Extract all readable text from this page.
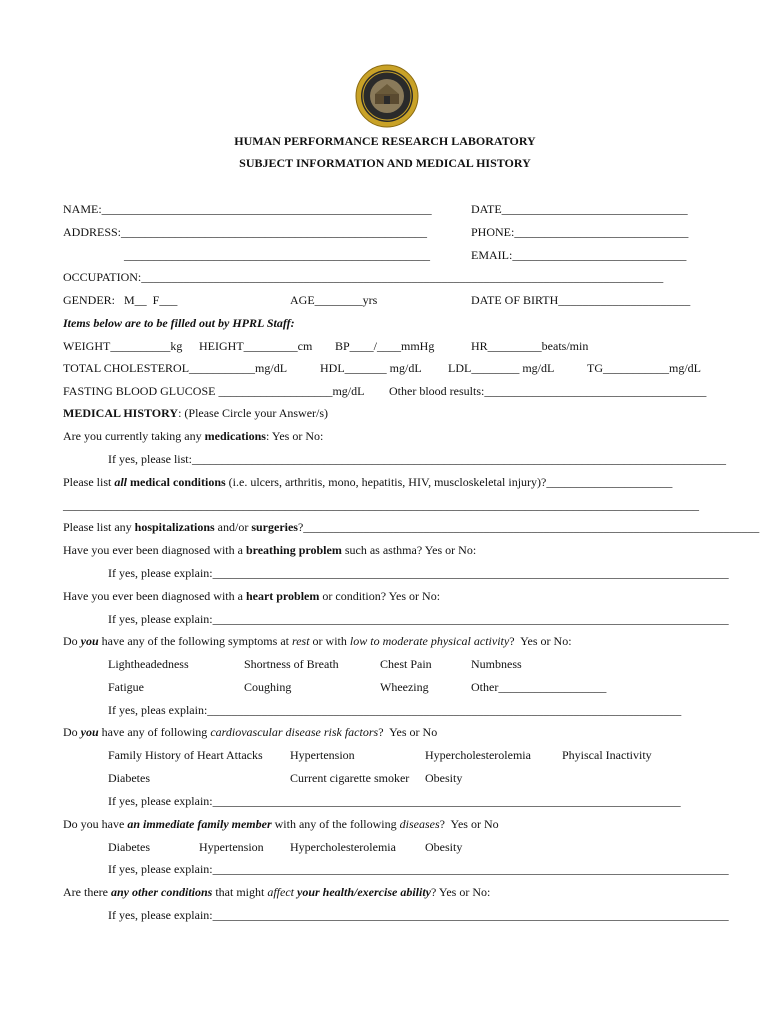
HUMAN PERFORMANCE RESEARCH LABORATORY
SUBJECT INFORMATION AND MEDICAL HISTORY
NAME:_______________________________________________________	DATE_______________________________
ADDRESS:___________________________________________________	PHONE:_____________________________
___________________________________________________	EMAIL:_____________________________
OCCUPATION:_______________________________________________________________________________________
GENDER:   M__  F___	AGE________yrs	DATE OF BIRTH______________________
Items below are to be filled out by HPRL Staff:
WEIGHT__________kg HEIGHT_________cm BP____/____mmHg	HR_________beats/min
TOTAL CHOLESTEROL___________mg/dL	HDL_______ mg/dL LDL________ mg/dL	TG___________mg/dL
FASTING BLOOD GLUCOSE ___________________mg/dL Other blood results:_____________________________________
MEDICAL HISTORY: (Please Circle your Answer/s)
Are you currently taking any medications: Yes or No:
If yes, please list:_________________________________________________________________________________________
Please list all medical conditions (i.e. ulcers, arthritis, mono, hepatitis, HIV, muscloskeletal injury)?_____________________
__________________________________________________________________________________________________________
Please list any hospitalizations and/or surgeries?____________________________________________________________________________
Have you ever been diagnosed with a breathing problem such as asthma? Yes or No:
If yes, please explain:______________________________________________________________________________________
Have you ever been diagnosed with a heart problem or condition? Yes or No:
If yes, please explain:______________________________________________________________________________________
Do you have any of the following symptoms at rest or with low to moderate physical activity?  Yes or No:
Lightheadedness	Shortness of Breath	Chest Pain	Numbness
Fatigue	Coughing	Wheezing	Other__________________
If yes, pleas explain:_______________________________________________________________________________
Do you have any of following cardiovascular disease risk factors?  Yes or No
Family History of Heart Attacks Hypertension	Hypercholesterolemia	Phyiscal Inactivity
Diabetes	Current cigarette smoker Obesity
If yes, please explain:______________________________________________________________________________
Do you have an immediate family member with any of the following diseases?  Yes or No
Diabetes	Hypertension Hypercholesterolemia Obesity
If yes, please explain:______________________________________________________________________________________
Are there any other conditions that might affect your health/exercise ability? Yes or No:
If yes, please explain:______________________________________________________________________________________
